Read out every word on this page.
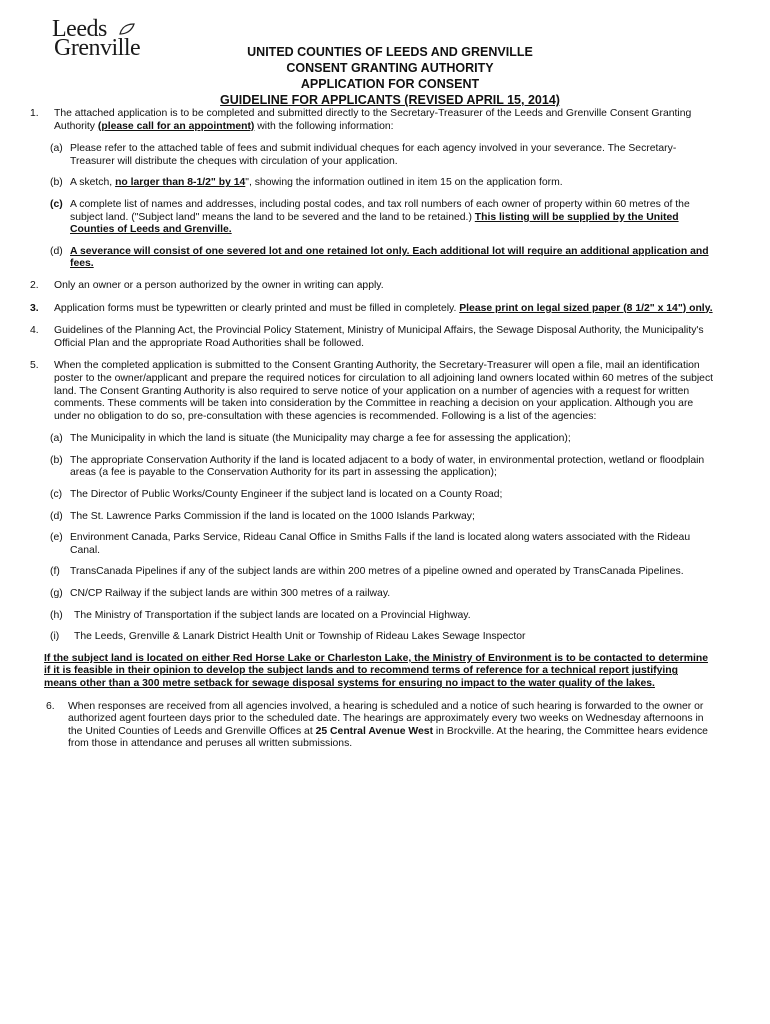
Leeds
Grenville	UNITED COUNTIES OF LEEDS AND GRENVILLE
CONSENT GRANTING AUTHORITY
APPLICATION FOR CONSENT
GUIDELINE FOR APPLICANTS (REVISED APRIL 15, 2014)
1. The attached application is to be completed and submitted directly to the Secretary-Treasurer of the Leeds and Grenville Consent Granting Authority (please call for an appointment) with the following information:
(a) Please refer to the attached table of fees and submit individual cheques for each agency involved in your severance. The Secretary-Treasurer will distribute the cheques with circulation of your application.
(b) A sketch, no larger than 8-1/2" by 14", showing the information outlined in item 15 on the application form.
(c) A complete list of names and addresses, including postal codes, and tax roll numbers of each owner of property within 60 metres of the subject land. ("Subject land" means the land to be severed and the land to be retained.) This listing will be supplied by the United Counties of Leeds and Grenville.
(d) A severance will consist of one severed lot and one retained lot only. Each additional lot will require an additional application and fees.
2. Only an owner or a person authorized by the owner in writing can apply.
3. Application forms must be typewritten or clearly printed and must be filled in completely. Please print on legal sized paper (8 1/2" x 14") only.
4. Guidelines of the Planning Act, the Provincial Policy Statement, Ministry of Municipal Affairs, the Sewage Disposal Authority, the Municipality's Official Plan and the appropriate Road Authorities shall be followed.
5. When the completed application is submitted to the Consent Granting Authority, the Secretary-Treasurer will open a file, mail an identification poster to the owner/applicant and prepare the required notices for circulation to all adjoining land owners located within 60 metres of the subject land. The Consent Granting Authority is also required to serve notice of your application on a number of agencies with a request for written comments. These comments will be taken into consideration by the Committee in reaching a decision on your application. Although you are under no obligation to do so, pre-consultation with these agencies is recommended. Following is a list of the agencies:
(a) The Municipality in which the land is situate (the Municipality may charge a fee for assessing the application);
(b) The appropriate Conservation Authority if the land is located adjacent to a body of water, in environmental protection, wetland or floodplain areas (a fee is payable to the Conservation Authority for its part in assessing the application);
(c) The Director of Public Works/County Engineer if the subject land is located on a County Road;
(d) The St. Lawrence Parks Commission if the land is located on the 1000 Islands Parkway;
(e) Environment Canada, Parks Service, Rideau Canal Office in Smiths Falls if the land is located along waters associated with the Rideau Canal.
(f) TransCanada Pipelines if any of the subject lands are within 200 metres of a pipeline owned and operated by TransCanada Pipelines.
(g) CN/CP Railway if the subject lands are within 300 metres of a railway.
(h) The Ministry of Transportation if the subject lands are located on a Provincial Highway.
(i) The Leeds, Grenville & Lanark District Health Unit or Township of Rideau Lakes Sewage Inspector
If the subject land is located on either Red Horse Lake or Charleston Lake, the Ministry of Environment is to be contacted to determine if it is feasible in their opinion to develop the subject lands and to recommend terms of reference for a technical report justifying means other than a 300 metre setback for sewage disposal systems for ensuring no impact to the water quality of the lakes.
6. When responses are received from all agencies involved, a hearing is scheduled and a notice of such hearing is forwarded to the owner or authorized agent fourteen days prior to the scheduled date. The hearings are approximately every two weeks on Wednesday afternoons in the United Counties of Leeds and Grenville Offices at 25 Central Avenue West in Brockville. At the hearing, the Committee hears evidence from those in attendance and peruses all written submissions.
